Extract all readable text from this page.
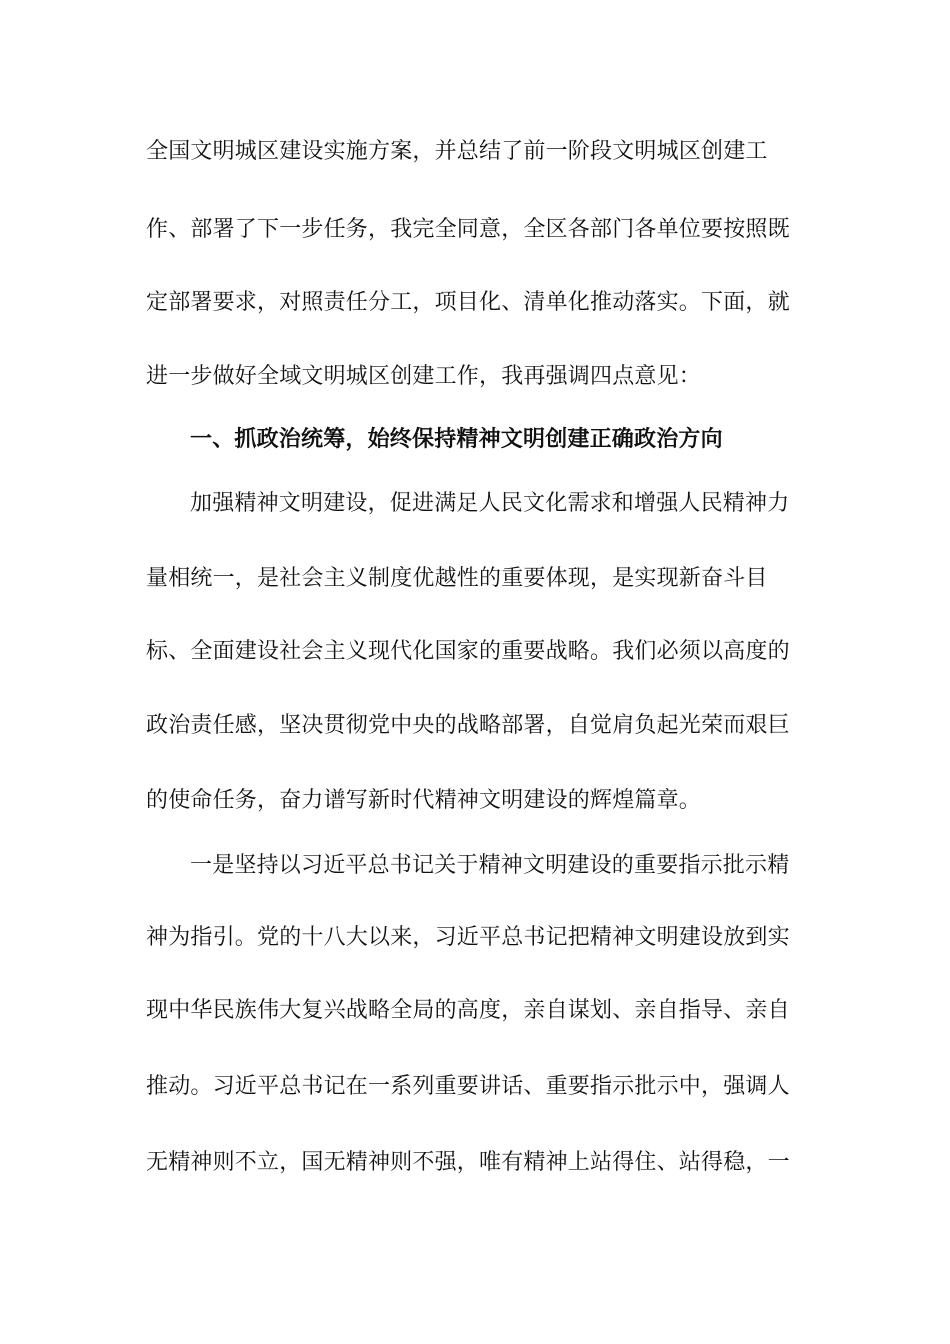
全国文明城区建设实施方案，并总结了前一阶段文明城区创建工
作、部署了下一步任务，我完全同意，全区各部门各单位要按照既
定部署要求，对照责任分工，项目化、清单化推动落实。下面，就
进一步做好全域文明城区创建工作，我再强调四点意见：
一、抓政治统筹，始终保持精神文明创建正确政治方向
加强精神文明建设，促进满足人民文化需求和增强人民精神力
量相统一，是社会主义制度优越性的重要体现，是实现新奋斗目
标、全面建设社会主义现代化国家的重要战略。我们必须以高度的
政治责任感，坚决贯彻党中央的战略部署，自觉肩负起光荣而艰巨
的使命任务，奋力谱写新时代精神文明建设的辉煌篇章。
一是坚持以习近平总书记关于精神文明建设的重要指示批示精
神为指引。党的十八大以来，习近平总书记把精神文明建设放到实
现中华民族伟大复兴战略全局的高度，亲自谋划、亲自指导、亲自
推动。习近平总书记在一系列重要讲话、重要指示批示中，强调人
无精神则不立，国无精神则不强，唯有精神上站得住、站得稳，一
